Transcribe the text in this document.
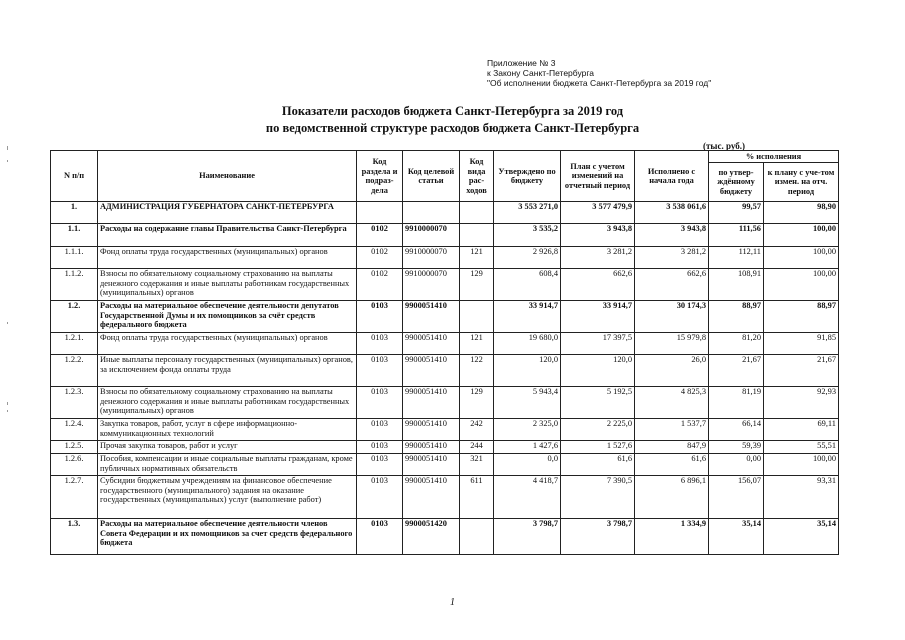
Приложение № 3
к Закону Санкт-Петербурга
"Об исполнении бюджета Санкт-Петербурга за 2019 год"
Показатели расходов бюджета Санкт-Петербурга за 2019 год
по ведомственной структуре расходов бюджета Санкт-Петербурга
(тыс. руб.)
N п/п	Наименование	Код раздела и подраз-дела	Код целевой статьи	Код вида рас-ходов	Утверждено по бюджету	План с учетом изменений на отчетный период	Исполнено с начала года	% исполнения	
								по утвер-ждённому бюджету	к плану с уче-том измен. на отч. период
1.	АДМИНИСТРАЦИЯ ГУБЕРНАТОРА САНКТ-ПЕТЕРБУРГА				3 553 271,0	3 577 479,9	3 538 061,6	99,57	98,90
1.1.	Расходы на содержание главы Правительства Санкт-Петербурга	0102	9910000070		3 535,2	3 943,8	3 943,8	111,56	100,00
1.1.1.	Фонд оплаты труда государственных (муниципальных) органов	0102	9910000070	121	2 926,8	3 281,2	3 281,2	112,11	100,00
1.1.2.	Взносы по обязательному социальному страхованию на выплаты денежного содержания и иные выплаты работникам государственных (муниципальных) органов	0102	9910000070	129	608,4	662,6	662,6	108,91	100,00
1.2.	Расходы на материальное обеспечение деятельности депутатов Государственной Думы и их помощников за счёт средств федерального бюджета	0103	9900051410		33 914,7	33 914,7	30 174,3	88,97	88,97
1.2.1.	Фонд оплаты труда государственных (муниципальных) органов	0103	9900051410	121	19 680,0	17 397,5	15 979,8	81,20	91,85
1.2.2.	Иные выплаты персоналу государственных (муниципальных) органов, за исключением фонда оплаты труда	0103	9900051410	122	120,0	120,0	26,0	21,67	21,67
1.2.3.	Взносы по обязательному социальному страхованию на выплаты денежного содержания и иные выплаты работникам государственных (муниципальных) органов	0103	9900051410	129	5 943,4	5 192,5	4 825,3	81,19	92,93
1.2.4.	Закупка товаров, работ, услуг в сфере информационно-коммуникационных технологий	0103	9900051410	242	2 325,0	2 225,0	1 537,7	66,14	69,11
1.2.5.	Прочая закупка товаров, работ и услуг	0103	9900051410	244	1 427,6	1 527,6	847,9	59,39	55,51
1.2.6.	Пособия, компенсации и иные социальные выплаты гражданам, кроме публичных нормативных обязательств	0103	9900051410	321	0,0	61,6	61,6	0,00	100,00
1.2.7.	Субсидии бюджетным учреждениям на финансовое обеспечение государственного (муниципального) задания на оказание государственных (муниципальных) услуг (выполнение работ)	0103	9900051410	611	4 418,7	7 390,5	6 896,1	156,07	93,31
1.3.	Расходы на материальное обеспечение деятельности членов Совета Федерации и их помощников за счет средств федерального бюджета	0103	9900051420		3 798,7	3 798,7	1 334,9	35,14	35,14
1
